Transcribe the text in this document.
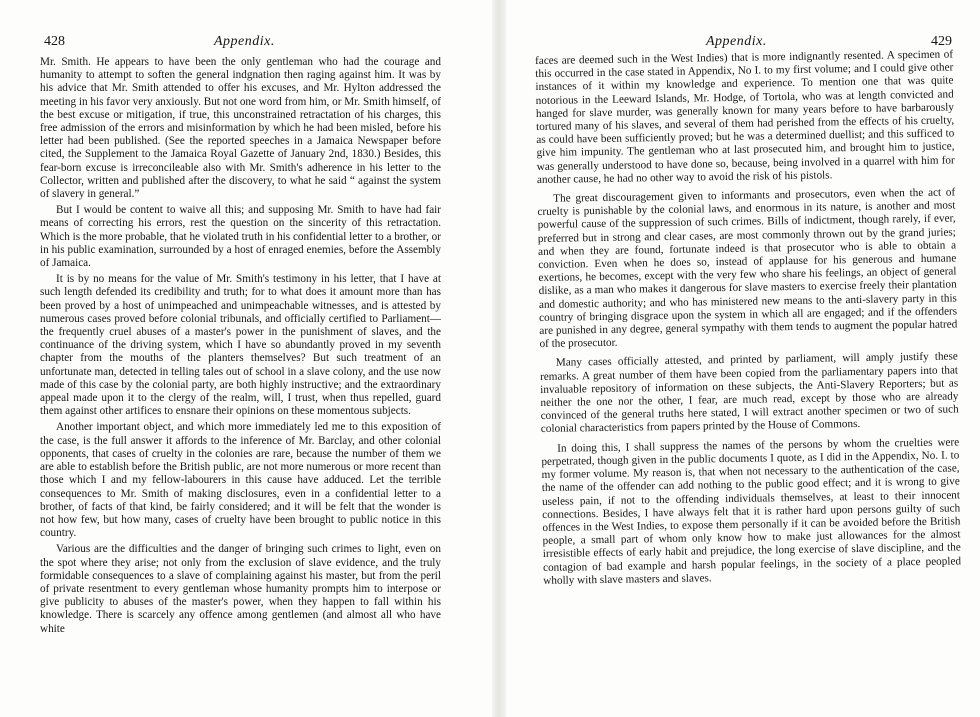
428	Appendix.

Mr. Smith. He appears to have been the only gentleman who had the courage and humanity to attempt to soften the general indgnation then raging against him. It was by his advice that Mr. Smith attended to offer his excuses, and Mr. Hylton addressed the meeting in his favor very anxiously. But not one word from him, or Mr. Smith himself, of the best excuse or mitigation, if true, this unconstrained retractation of his charges, this free admission of the errors and misinformation by which he had been misled, before his letter had been published. (See the reported speeches in a Jamaica Newspaper before cited, the Supplement to the Jamaica Royal Gazette of January 2nd, 1830.) Besides, this fear-born excuse is irreconcileable also with Mr. Smith's adherence in his letter to the Collector, written and published after the discovery, to what he said “ against the system of slavery in general.”

But I would be content to waive all this; and supposing Mr. Smith to have had fair means of correcting his errors, rest the question on the sincerity of this retractation. Which is the more probable, that he violated truth in his confidential letter to a brother, or in his public examination, surrounded by a host of enraged enemies, before the Assembly of Jamaica.

It is by no means for the value of Mr. Smith's testimony in his letter, that I have at such length defended its credibility and truth; for to what does it amount more than has been proved by a host of unimpeached and unimpeachable witnesses, and is attested by numerous cases proved before colonial tribunals, and officially certified to Parliament—the frequently cruel abuses of a master's power in the punishment of slaves, and the continuance of the driving system, which I have so abundantly proved in my seventh chapter from the mouths of the planters themselves? But such treatment of an unfortunate man, detected in telling tales out of school in a slave colony, and the use now made of this case by the colonial party, are both highly instructive; and the extraordinary appeal made upon it to the clergy of the realm, will, I trust, when thus repelled, guard them against other artifices to ensnare their opinions on these momentous subjects.

Another important object, and which more immediately led me to this exposition of the case, is the full answer it affords to the inference of Mr. Barclay, and other colonial opponents, that cases of cruelty in the colonies are rare, because the number of them we are able to establish before the British public, are not more numerous or more recent than those which I and my fellow-labourers in this cause have adduced. Let the terrible consequences to Mr. Smith of making disclosures, even in a confidential letter to a brother, of facts of that kind, be fairly considered; and it will be felt that the wonder is not how few, but how many, cases of cruelty have been brought to public notice in this country.

Various are the difficulties and the danger of bringing such crimes to light, even on the spot where they arise; not only from the exclusion of slave evidence, and the truly formidable consequences to a slave of complaining against his master, but from the peril of private resentment to every gentleman whose humanity prompts him to interpose or give publicity to abuses of the master's power, when they happen to fall within his knowledge. There is scarcely any offence among gentlemen (and almost all who have white

Appendix.	429

faces are deemed such in the West Indies) that is more indignantly resented. A specimen of this occurred in the case stated in Appendix, No I. to my first volume; and I could give other instances of it within my knowledge and experience. To mention one that was quite notorious in the Leeward Islands, Mr. Hodge, of Tortola, who was at length convicted and hanged for slave murder, was generally known for many years before to have barbarously tortured many of his slaves, and several of them had perished from the effects of his cruelty, as could have been sufficiently proved; but he was a determined duellist; and this sufficed to give him impunity. The gentleman who at last prosecuted him, and brought him to justice, was generally understood to have done so, because, being involved in a quarrel with him for another cause, he had no other way to avoid the risk of his pistols.

The great discouragement given to informants and prosecutors, even when the act of cruelty is punishable by the colonial laws, and enormous in its nature, is another and most powerful cause of the suppression of such crimes. Bills of indictment, though rarely, if ever, preferred but in strong and clear cases, are most commonly thrown out by the grand juries; and when they are found, fortunate indeed is that prosecutor who is able to obtain a conviction. Even when he does so, instead of applause for his generous and humane exertions, he becomes, except with the very few who share his feelings, an object of general dislike, as a man who makes it dangerous for slave masters to exercise freely their plantation and domestic authority; and who has ministered new means to the anti-slavery party in this country of bringing disgrace upon the system in which all are engaged; and if the offenders are punished in any degree, general sympathy with them tends to augment the popular hatred of the prosecutor.

Many cases officially attested, and printed by parliament, will amply justify these remarks. A great number of them have been copied from the parliamentary papers into that invaluable repository of information on these subjects, the Anti-Slavery Reporters; but as neither the one nor the other, I fear, are much read, except by those who are already convinced of the general truths here stated, I will extract another specimen or two of such colonial characteristics from papers printed by the House of Commons.

In doing this, I shall suppress the names of the persons by whom the cruelties were perpetrated, though given in the public documents I quote, as I did in the Appendix, No. I. to my former volume. My reason is, that when not necessary to the authentication of the case, the name of the offender can add nothing to the public good effect; and it is wrong to give useless pain, if not to the offending individuals themselves, at least to their innocent connections. Besides, I have always felt that it is rather hard upon persons guilty of such offences in the West Indies, to expose them personally if it can be avoided before the British people, a small part of whom only know how to make just allowances for the almost irresistible effects of early habit and prejudice, the long exercise of slave discipline, and the contagion of bad example and harsh popular feelings, in the society of a place peopled wholly with slave masters and slaves.
